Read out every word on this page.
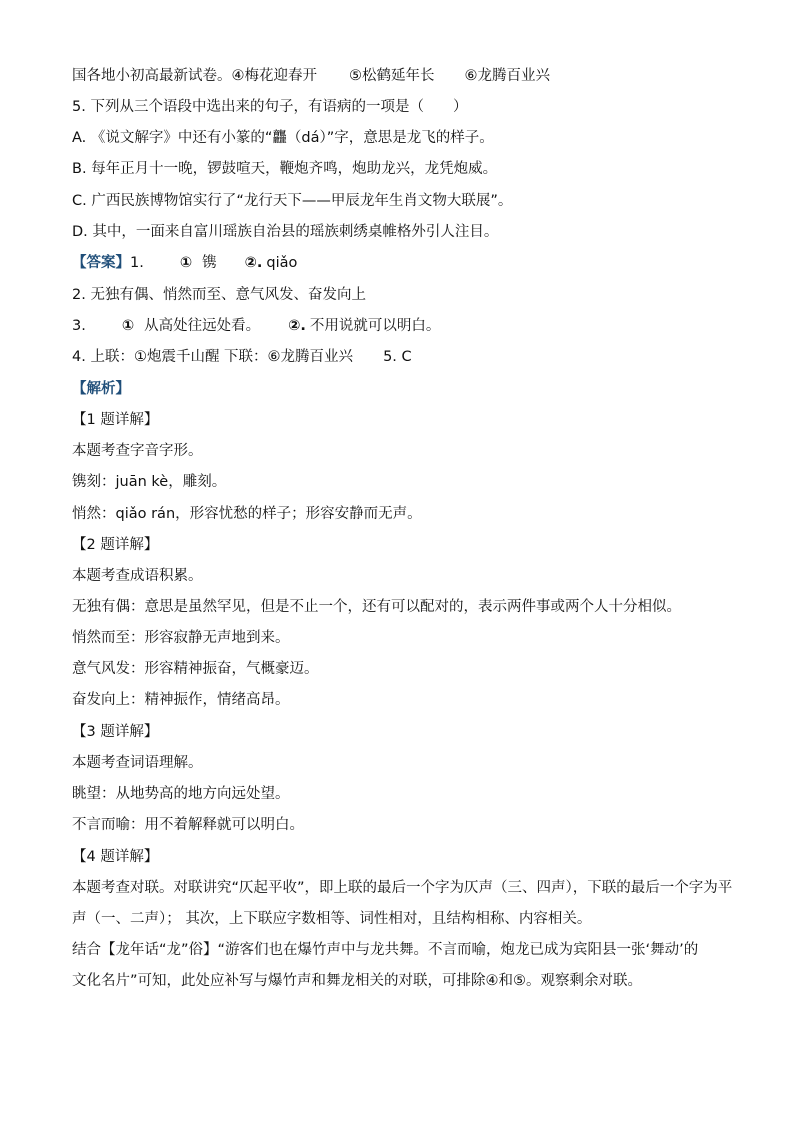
国各地小初高最新试卷。④梅花迎春开 ⑤松鹤延年长 ⑥龙腾百业兴
5. 下列从三个语段中选出来的句子，有语病的一项是（　　）
A. 《说文解字》中还有小篆的“龘（dá）”字，意思是龙飞的样子。
B. 每年正月十一晚，锣鼓喧天，鞭炮齐鸣，炮助龙兴，龙凭炮威。
C. 广西民族博物馆实行了“龙行天下——甲辰龙年生肖文物大联展”。
D. 其中，一面来自富川瑶族自治县的瑶族刺绣桌帷格外引人注目。
【答案】1. ① 镌 ②. qiǎo
2. 无独有偶、悄然而至、意气风发、奋发向上
3. ① 从高处往远处看。 ②. 不用说就可以明白。
4. 上联：①炮震千山醒 下联：⑥龙腾百业兴 5. C
【解析】
【1 题详解】
本题考查字音字形。
镌刻：juān kè，雕刻。
悄然：qiǎo rán，形容忧愁的样子；形容安静而无声。
【2 题详解】
本题考查成语积累。
无独有偶：意思是虽然罕见，但是不止一个，还有可以配对的，表示两件事或两个人十分相似。
悄然而至：形容寂静无声地到来。
意气风发：形容精神振奋，气概豪迈。
奋发向上：精神振作，情绪高昂。
【3 题详解】
本题考查词语理解。
眺望：从地势高的地方向远处望。
不言而喻：用不着解释就可以明白。
【4 题详解】
本题考查对联。对联讲究“仄起平收”，即上联的最后一个字为仄声（三、四声），下联的最后一个字为平
声（一、二声）； 其次，上下联应字数相等、词性相对，且结构相称、内容相关。
结合【龙年话“龙”俗】“游客们也在爆竹声中与龙共舞。不言而喻，炮龙已成为宾阳县一张‘舞动’的
文化名片”可知，此处应补写与爆竹声和舞龙相关的对联，可排除④和⑤。观察剩余对联。
